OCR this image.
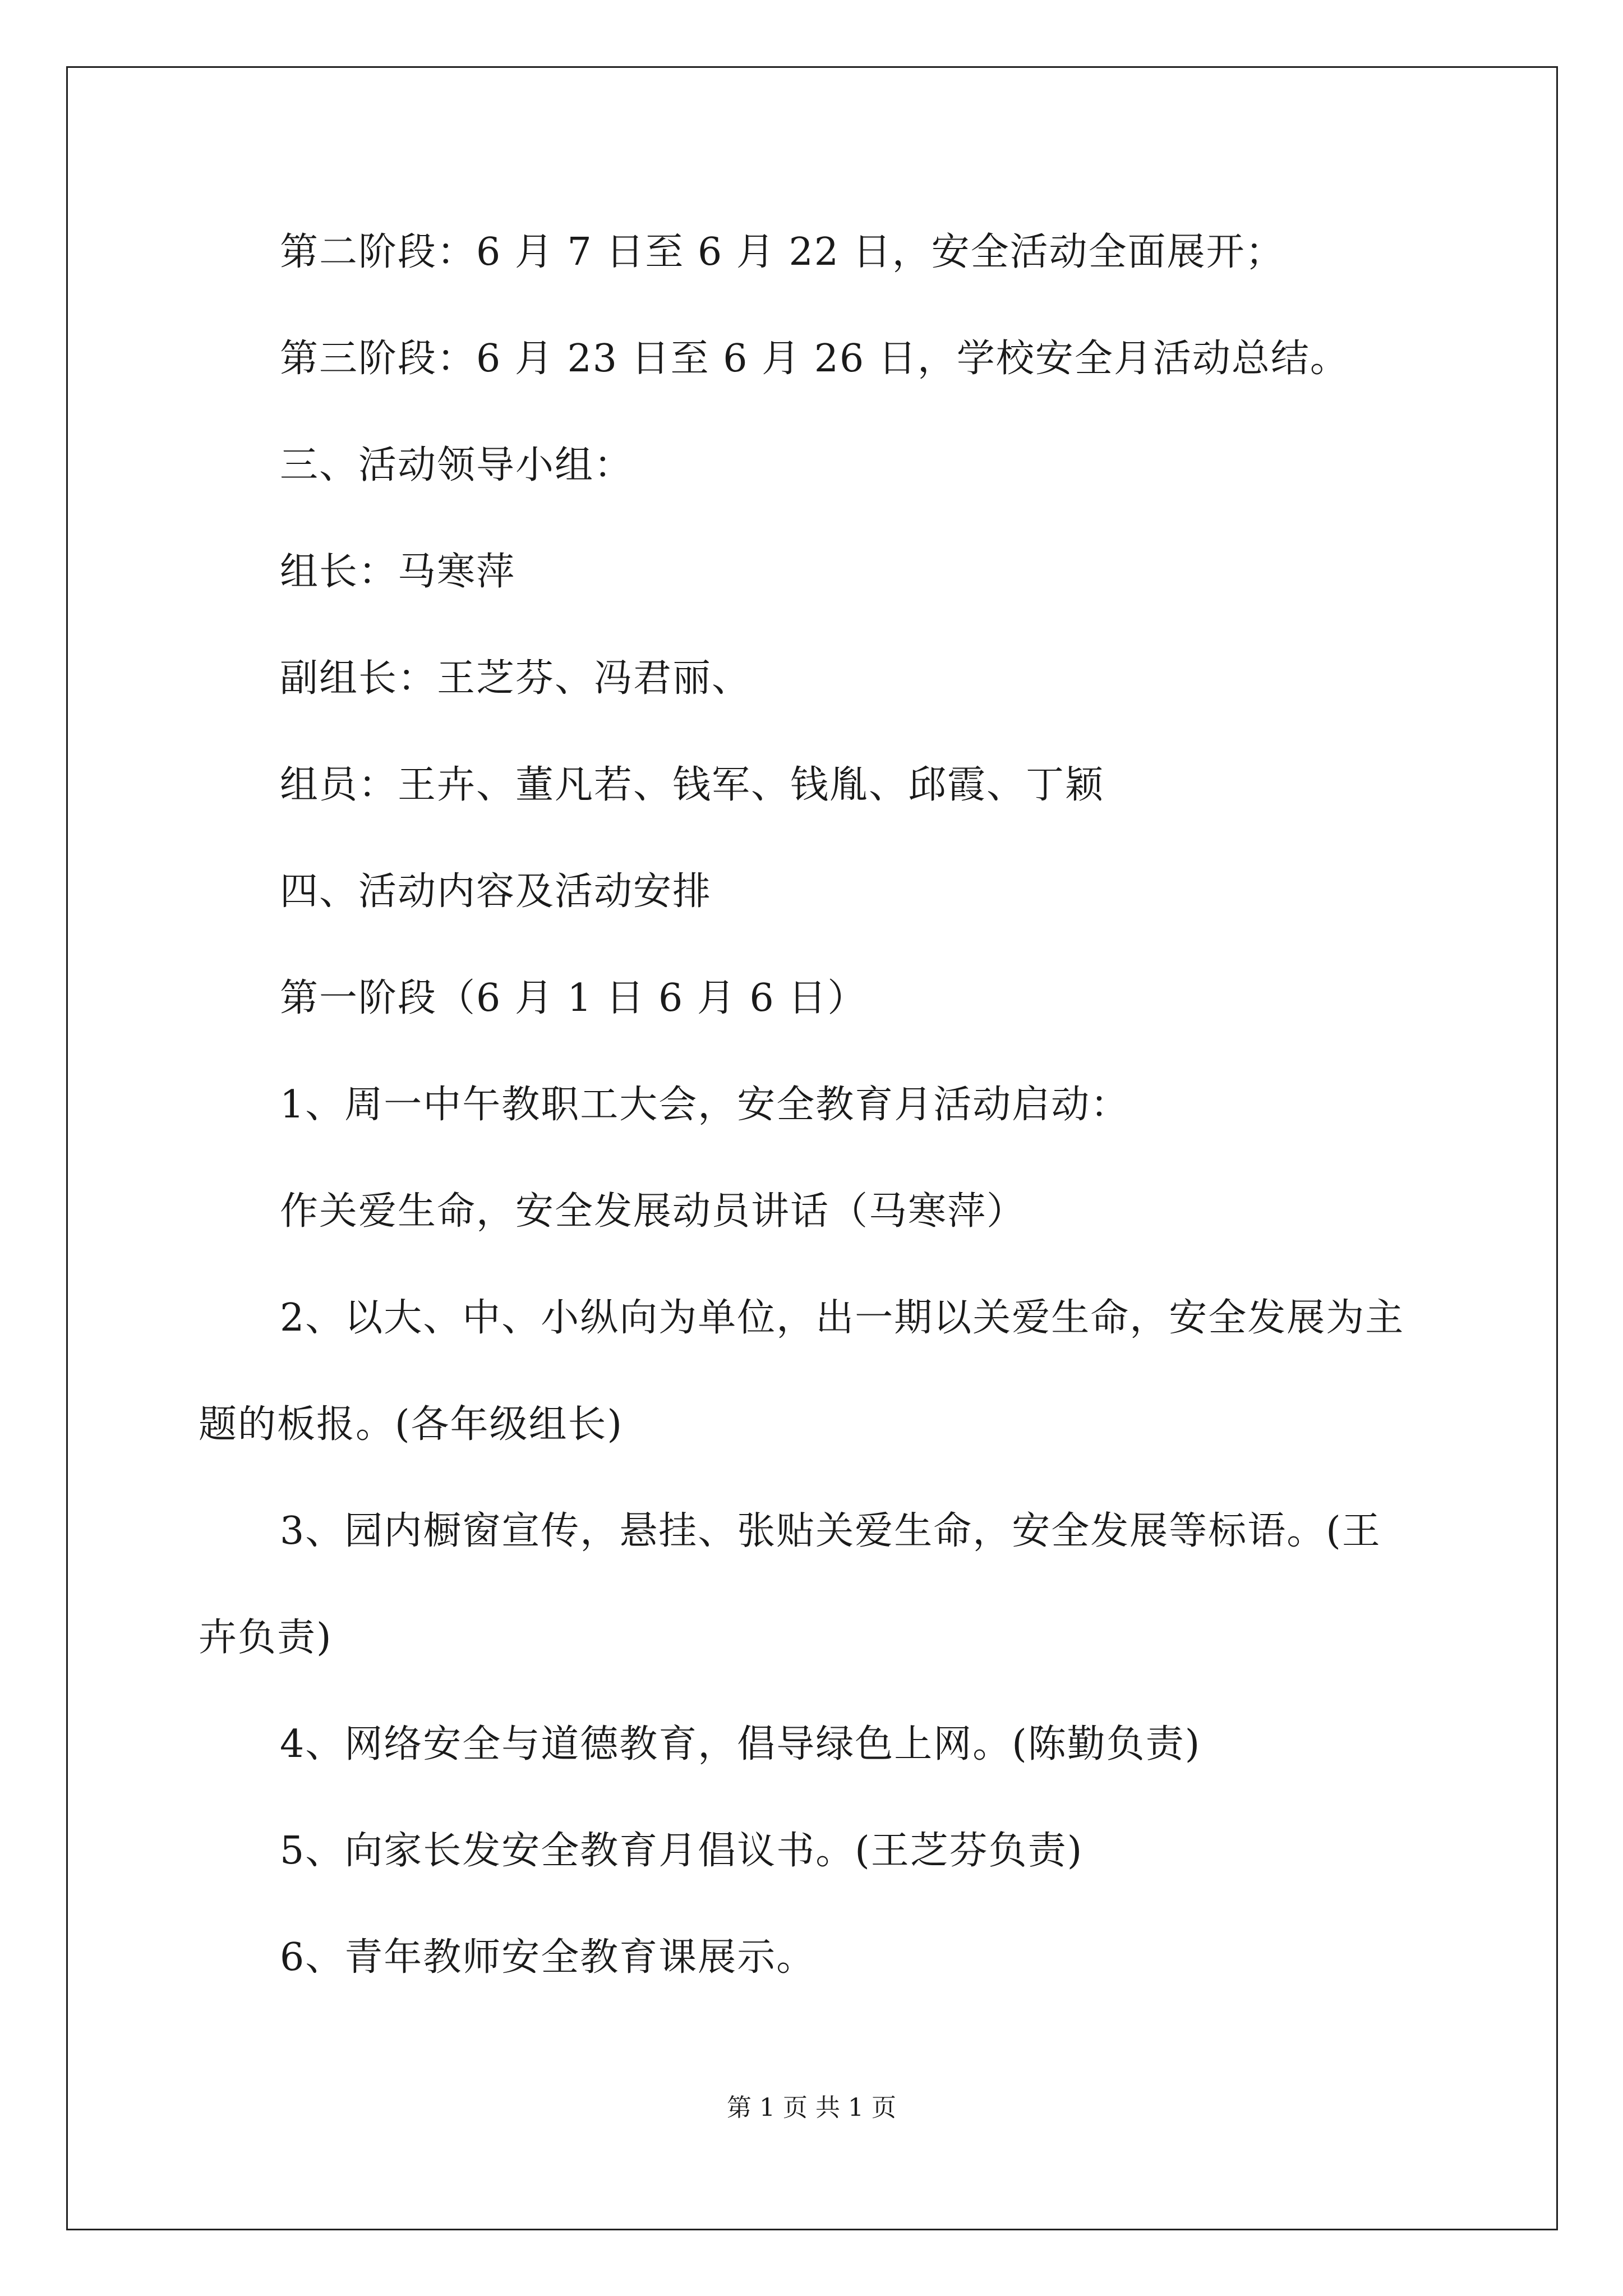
第二阶段：6 月 7 日至 6 月 22 日，安全活动全面展开；
第三阶段：6 月 23 日至 6 月 26 日，学校安全月活动总结。
三、活动领导小组：
组长：马寒萍
副组长：王芝芬、冯君丽、
组员：王卉、董凡若、钱军、钱胤、邱霞、丁颖
四、活动内容及活动安排
第一阶段（6 月 1 日 6 月 6 日）
1、周一中午教职工大会，安全教育月活动启动：
作关爱生命，安全发展动员讲话（马寒萍）
2、以大、中、小纵向为单位，出一期以关爱生命，安全发展为主
题的板报。(各年级组长)
3、园内橱窗宣传，悬挂、张贴关爱生命，安全发展等标语。(王
卉负责)
4、网络安全与道德教育，倡导绿色上网。(陈勤负责)
5、向家长发安全教育月倡议书。(王芝芬负责)
6、青年教师安全教育课展示。
第 1 页 共 1 页
